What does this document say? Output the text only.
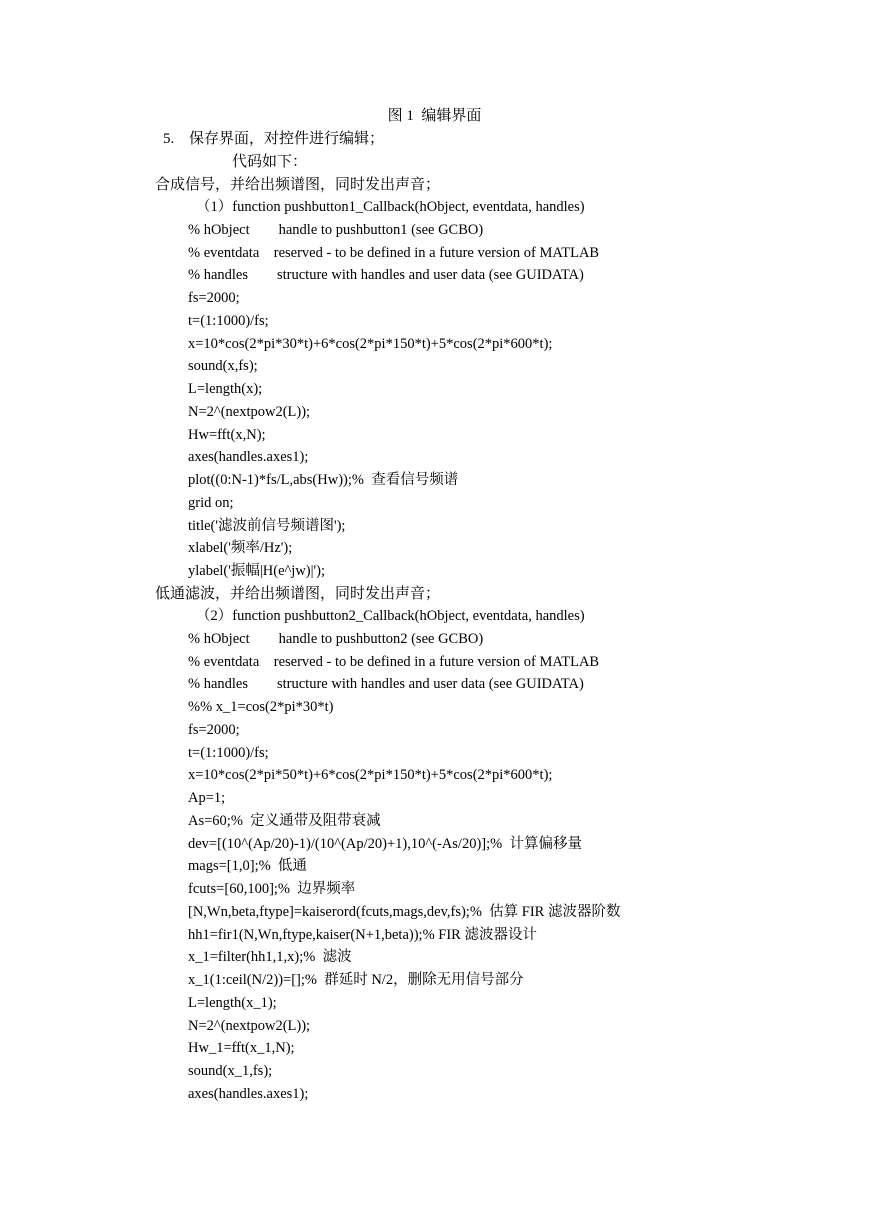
图 1  编辑界面
5. 保存界面，对控件进行编辑；
代码如下：
合成信号，并给出频谱图，同时发出声音；
（1）function pushbutton1_Callback(hObject, eventdata, handles)
% hObject        handle to pushbutton1 (see GCBO)
% eventdata    reserved - to be defined in a future version of MATLAB
% handles        structure with handles and user data (see GUIDATA)
fs=2000;
t=(1:1000)/fs;
x=10*cos(2*pi*30*t)+6*cos(2*pi*150*t)+5*cos(2*pi*600*t);
sound(x,fs);
L=length(x);
N=2^(nextpow2(L));
Hw=fft(x,N);
axes(handles.axes1);
plot((0:N-1)*fs/L,abs(Hw));%  查看信号频谱
grid on;
title('滤波前信号频谱图');
xlabel('频率/Hz');
ylabel('振幅|H(e^jw)|');
低通滤波，并给出频谱图，同时发出声音；
（2）function pushbutton2_Callback(hObject, eventdata, handles)
% hObject        handle to pushbutton2 (see GCBO)
% eventdata    reserved - to be defined in a future version of MATLAB
% handles        structure with handles and user data (see GUIDATA)
%% x_1=cos(2*pi*30*t)
fs=2000;
t=(1:1000)/fs;
x=10*cos(2*pi*50*t)+6*cos(2*pi*150*t)+5*cos(2*pi*600*t);
Ap=1;
As=60;%  定义通带及阻带衰减
dev=[(10^(Ap/20)-1)/(10^(Ap/20)+1),10^(-As/20)];%  计算偏移量
mags=[1,0];%  低通
fcuts=[60,100];%  边界频率
[N,Wn,beta,ftype]=kaiserord(fcuts,mags,dev,fs);%  估算 FIR 滤波器阶数
hh1=fir1(N,Wn,ftype,kaiser(N+1,beta));% FIR 滤波器设计
x_1=filter(hh1,1,x);%  滤波
x_1(1:ceil(N/2))=[];%  群延时 N/2，删除无用信号部分
L=length(x_1);
N=2^(nextpow2(L));
Hw_1=fft(x_1,N);
sound(x_1,fs);
axes(handles.axes1);
